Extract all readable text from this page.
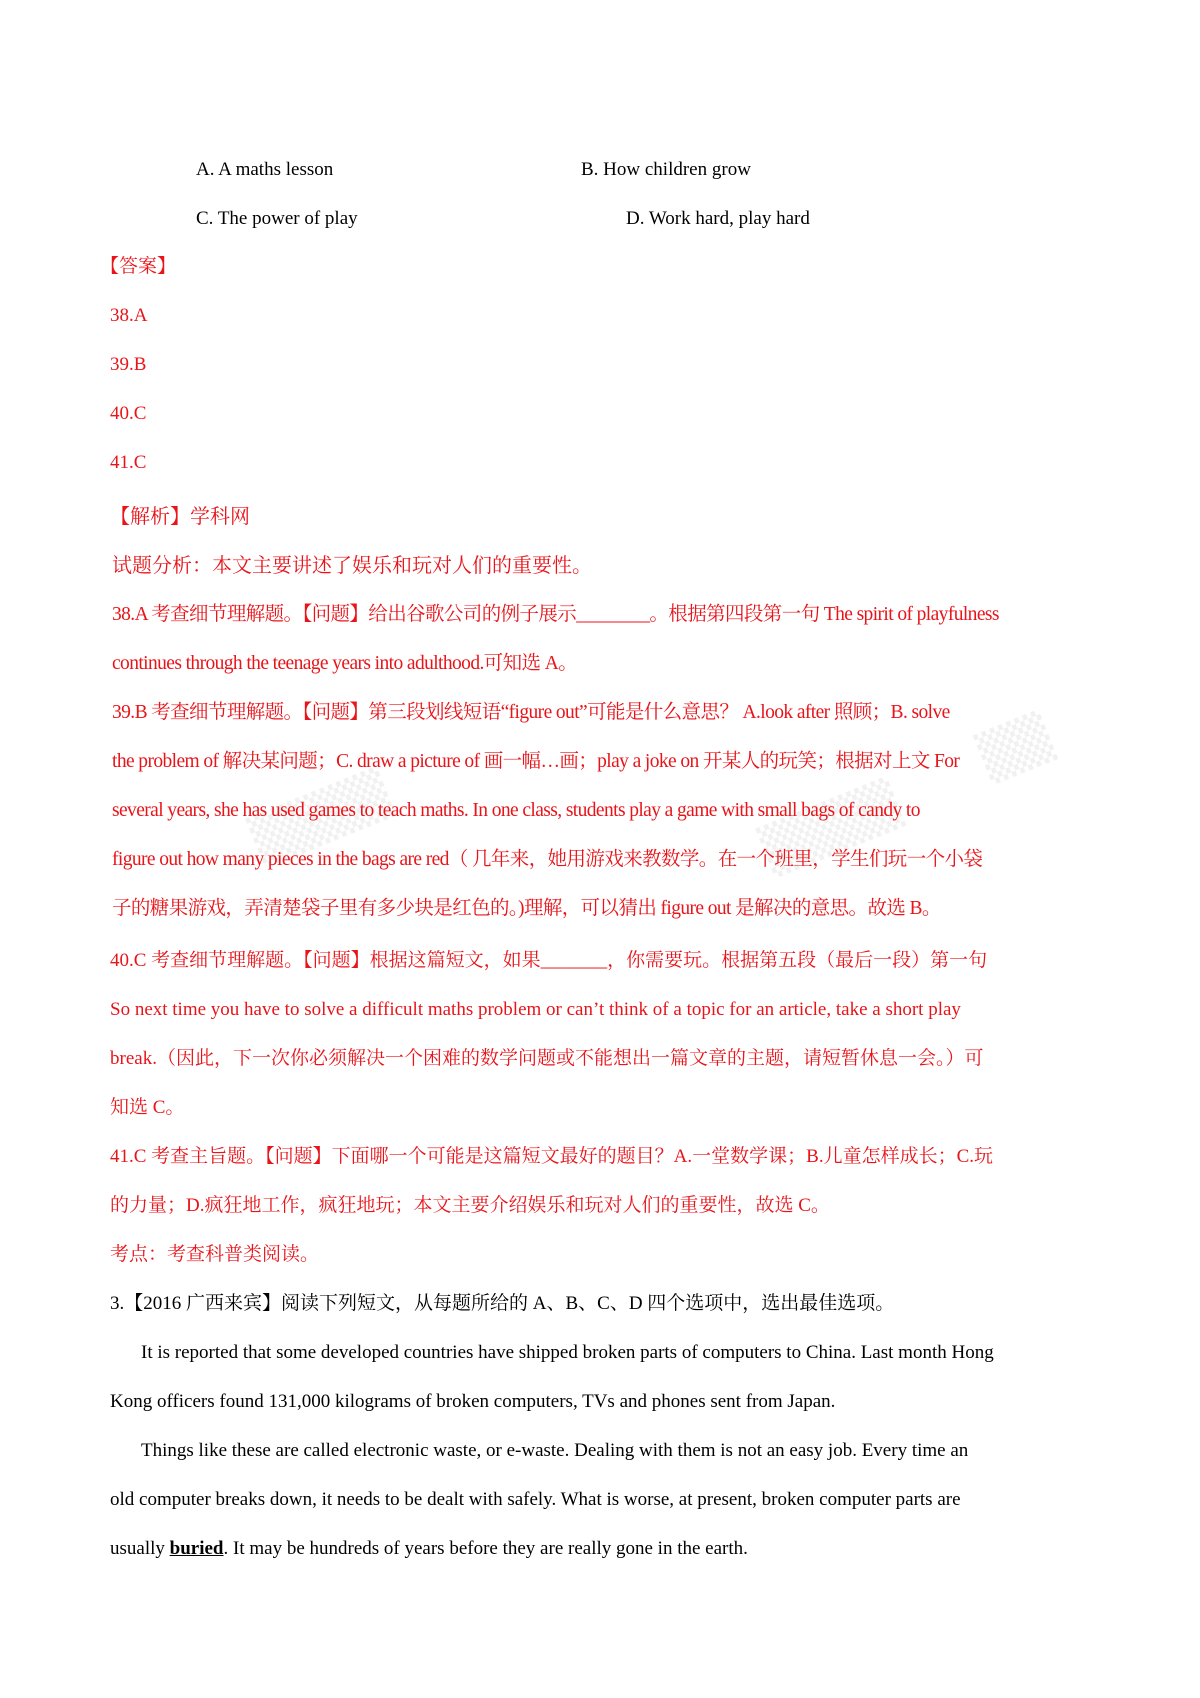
▒▒▒▒	▒▒▒▒
▒▒
A. A maths lesson	B. How children grow
C. The power of play	D. Work hard, play hard
【答案】
38.A
39.B
40.C
41.C
【解析】学科网
试题分析：本文主要讲述了娱乐和玩对人们的重要性。
38.A 考查细节理解题。【问题】给出谷歌公司的例子展示________。根据第四段第一句 The spirit of playfulness
continues through the teenage years into adulthood.可知选 A。
39.B 考查细节理解题。【问题】第三段划线短语“figure out”可能是什么意思？ A.look after 照顾；B. solve
the problem of 解决某问题；C. draw a picture of 画一幅…画；play a joke on 开某人的玩笑；根据对上文 For
several years, she has used games to teach maths. In one class, students play a game with small bags of candy to
figure out how many pieces in the bags are red（ 几年来，她用游戏来教数学。在一个班里，学生们玩一个小袋
子的糖果游戏，弄清楚袋子里有多少块是红色的。)理解，可以猜出 figure out 是解决的意思。故选 B。
40.C 考查细节理解题。【问题】根据这篇短文，如果_______，你需要玩。根据第五段（最后一段）第一句
So next time you have to solve a difficult maths problem or can’t think of a topic for an article, take a short play
break.（因此，下一次你必须解决一个困难的数学问题或不能想出一篇文章的主题，请短暂休息一会。）可
知选 C。
41.C 考查主旨题。【问题】下面哪一个可能是这篇短文最好的题目？A.一堂数学课；B.儿童怎样成长；C.玩
的力量；D.疯狂地工作，疯狂地玩；本文主要介绍娱乐和玩对人们的重要性，故选 C。
考点：考查科普类阅读。
3.【2016 广西来宾】阅读下列短文，从每题所给的 A、B、C、D 四个选项中，选出最佳选项。
It is reported that some developed countries have shipped broken parts of computers to China. Last month Hong
Kong officers found 131,000 kilograms of broken computers, TVs and phones sent from Japan.
Things like these are called electronic waste, or e-waste. Dealing with them is not an easy job. Every time an
old computer breaks down, it needs to be dealt with safely. What is worse, at present, broken computer parts are
usually buried. It may be hundreds of years before they are really gone in the earth.
